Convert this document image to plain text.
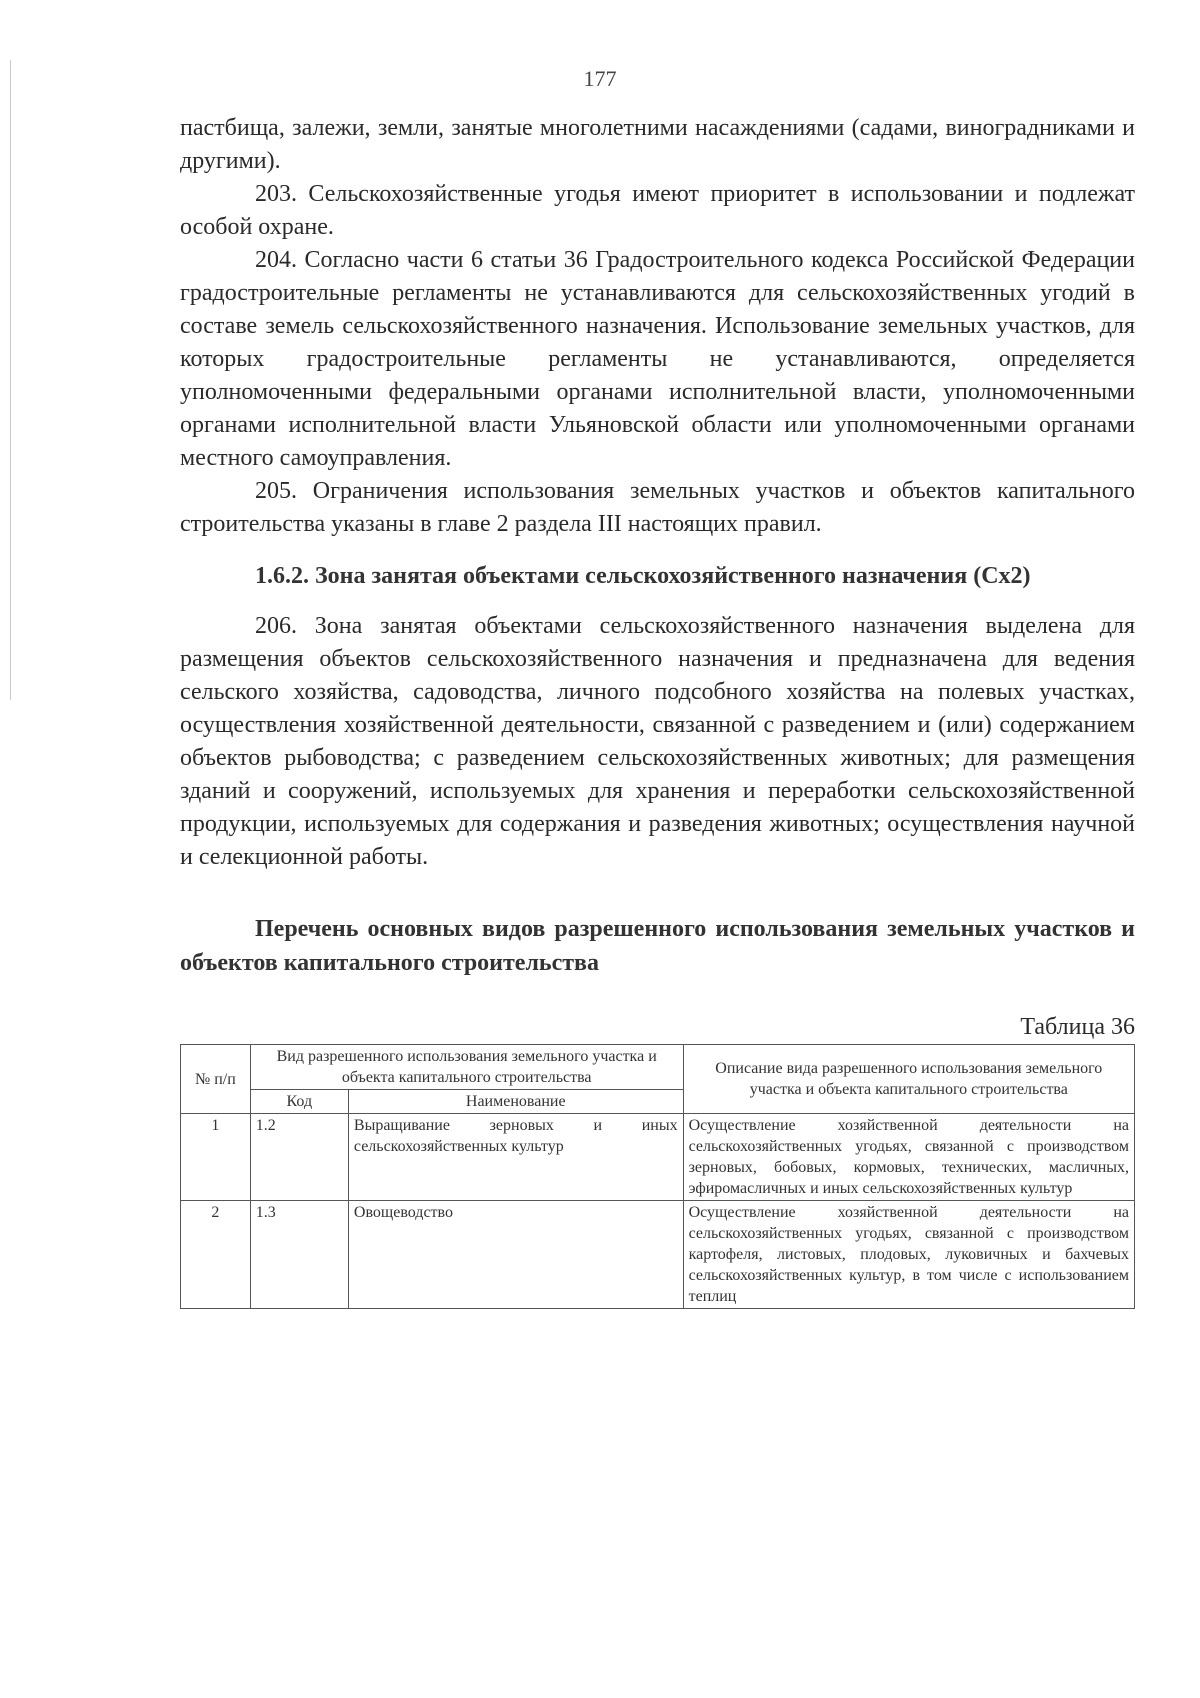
177

пастбища, залежи, земли, занятые многолетними насаждениями (садами, виноградниками и другими).

203. Сельскохозяйственные угодья имеют приоритет в использовании и подлежат особой охране.

204. Согласно части 6 статьи 36 Градостроительного кодекса Российской Федерации градостроительные регламенты не устанавливаются для сельскохозяйственных угодий в составе земель сельскохозяйственного назначения. Использование земельных участков, для которых градостроительные регламенты не устанавливаются, определяется уполномоченными федеральными органами исполнительной власти, уполномоченными органами исполнительной власти Ульяновской области или уполномоченными органами местного самоуправления.

205. Ограничения использования земельных участков и объектов капитального строительства указаны в главе 2 раздела III настоящих правил.

1.6.2. Зона занятая объектами сельскохозяйственного назначения (Сх2)

206. Зона занятая объектами сельскохозяйственного назначения выделена для размещения объектов сельскохозяйственного назначения и предназначена для ведения сельского хозяйства, садоводства, личного подсобного хозяйства на полевых участках, осуществления хозяйственной деятельности, связанной с разведением и (или) содержанием объектов рыбоводства; с разведением сельскохозяйственных животных; для размещения зданий и сооружений, используемых для хранения и переработки сельскохозяйственной продукции, используемых для содержания и разведения животных; осуществления научной и селекционной работы.

Перечень основных видов разрешенного использования земельных участков и объектов капитального строительства
Таблица 36
№ п/п	Вид разрешенного использования земельного участка и объекта капитального строительства		Описание вида разрешенного использования земельного участка и объекта капитального строительства
	Код	Наименование	
1	1.2	Выращивание зерновых и иных сельскохозяйственных культур	Осуществление хозяйственной деятельности на сельскохозяйственных угодьях, связанной с производством зерновых, бобовых, кормовых, технических, масличных, эфиромасличных и иных сельскохозяйственных культур
2	1.3	Овощеводство	Осуществление хозяйственной деятельности на сельскохозяйственных угодьях, связанной с производством картофеля, листовых, плодовых, луковичных и бахчевых сельскохозяйственных культур, в том числе с использованием теплиц
